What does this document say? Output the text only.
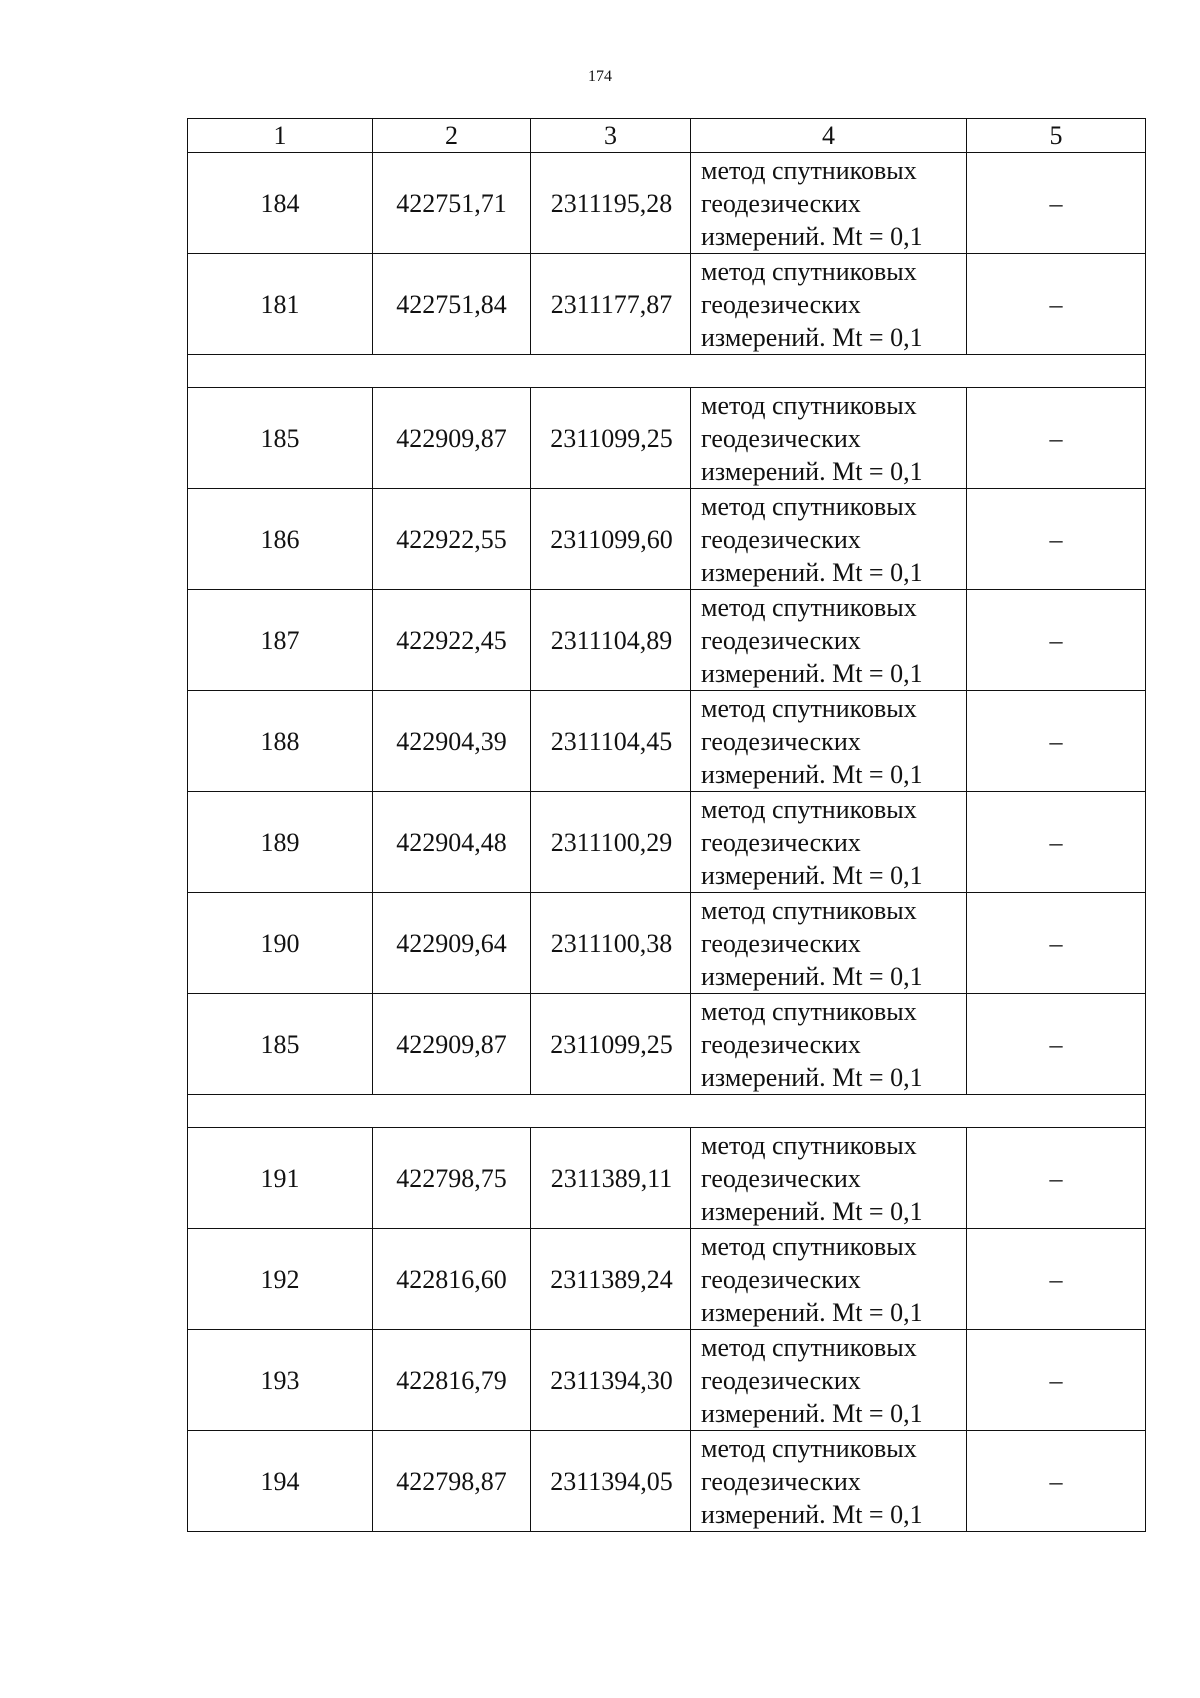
174
1	2	3	4	5
184	422751,71	2311195,28	метод спутниковых
геодезических
измерений. Mt = 0,1	–
181	422751,84	2311177,87	метод спутниковых
геодезических
измерений. Mt = 0,1	–

185	422909,87	2311099,25	метод спутниковых
геодезических
измерений. Mt = 0,1	–
186	422922,55	2311099,60	метод спутниковых
геодезических
измерений. Mt = 0,1	–
187	422922,45	2311104,89	метод спутниковых
геодезических
измерений. Mt = 0,1	–
188	422904,39	2311104,45	метод спутниковых
геодезических
измерений. Mt = 0,1	–
189	422904,48	2311100,29	метод спутниковых
геодезических
измерений. Mt = 0,1	–
190	422909,64	2311100,38	метод спутниковых
геодезических
измерений. Mt = 0,1	–
185	422909,87	2311099,25	метод спутниковых
геодезических
измерений. Mt = 0,1	–

191	422798,75	2311389,11	метод спутниковых
геодезических
измерений. Mt = 0,1	–
192	422816,60	2311389,24	метод спутниковых
геодезических
измерений. Mt = 0,1	–
193	422816,79	2311394,30	метод спутниковых
геодезических
измерений. Mt = 0,1	–
194	422798,87	2311394,05	метод спутниковых
геодезических
измерений. Mt = 0,1	–
